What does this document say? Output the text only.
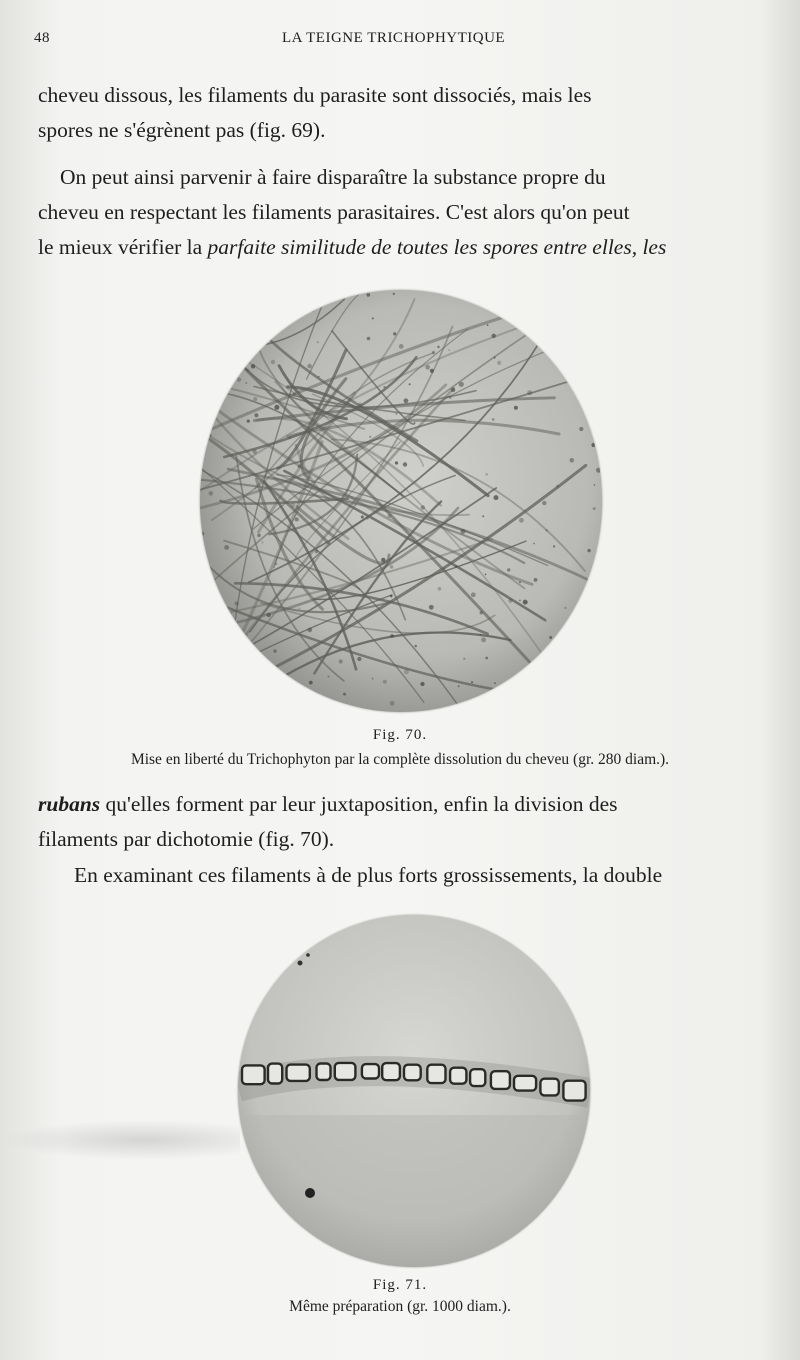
48	LA TEIGNE TRICHOPHYTIQUE

cheveu dissous, les filaments du parasite sont dissociés, mais les
spores ne s'égrènent pas (fig. 69).

On peut ainsi parvenir à faire disparaître la substance propre du
cheveu en respectant les filaments parasitaires. C'est alors qu'on peut
le mieux vérifier la parfaite similitude de toutes les spores entre elles, les

Fig. 70.
Mise en liberté du Trichophyton par la complète dissolution du cheveu (gr. 280 diam.).

rubans qu'elles forment par leur juxtaposition, enfin la division des
filaments par dichotomie (fig. 70).

En examinant ces filaments à de plus forts grossissements, la double

Fig. 71.
Même préparation (gr. 1000 diam.).
